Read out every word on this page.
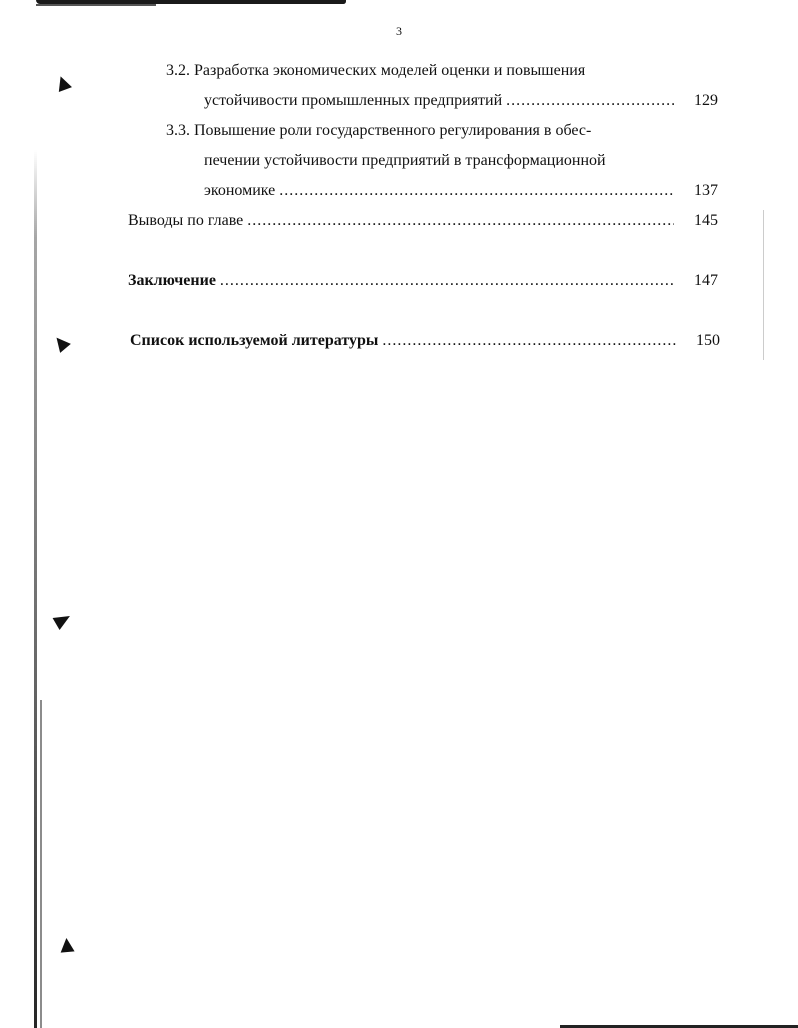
3
3.2. Разработка экономических моделей оценки и повышения
устойчивости промышленных предприятий .....	129
3.3. Повышение роли государственного регулирования в обес-
печении устойчивости предприятий в трансформационной
экономике .....	137
Выводы по главе .....	145
Заключение .....	147
Список используемой литературы .....	150
